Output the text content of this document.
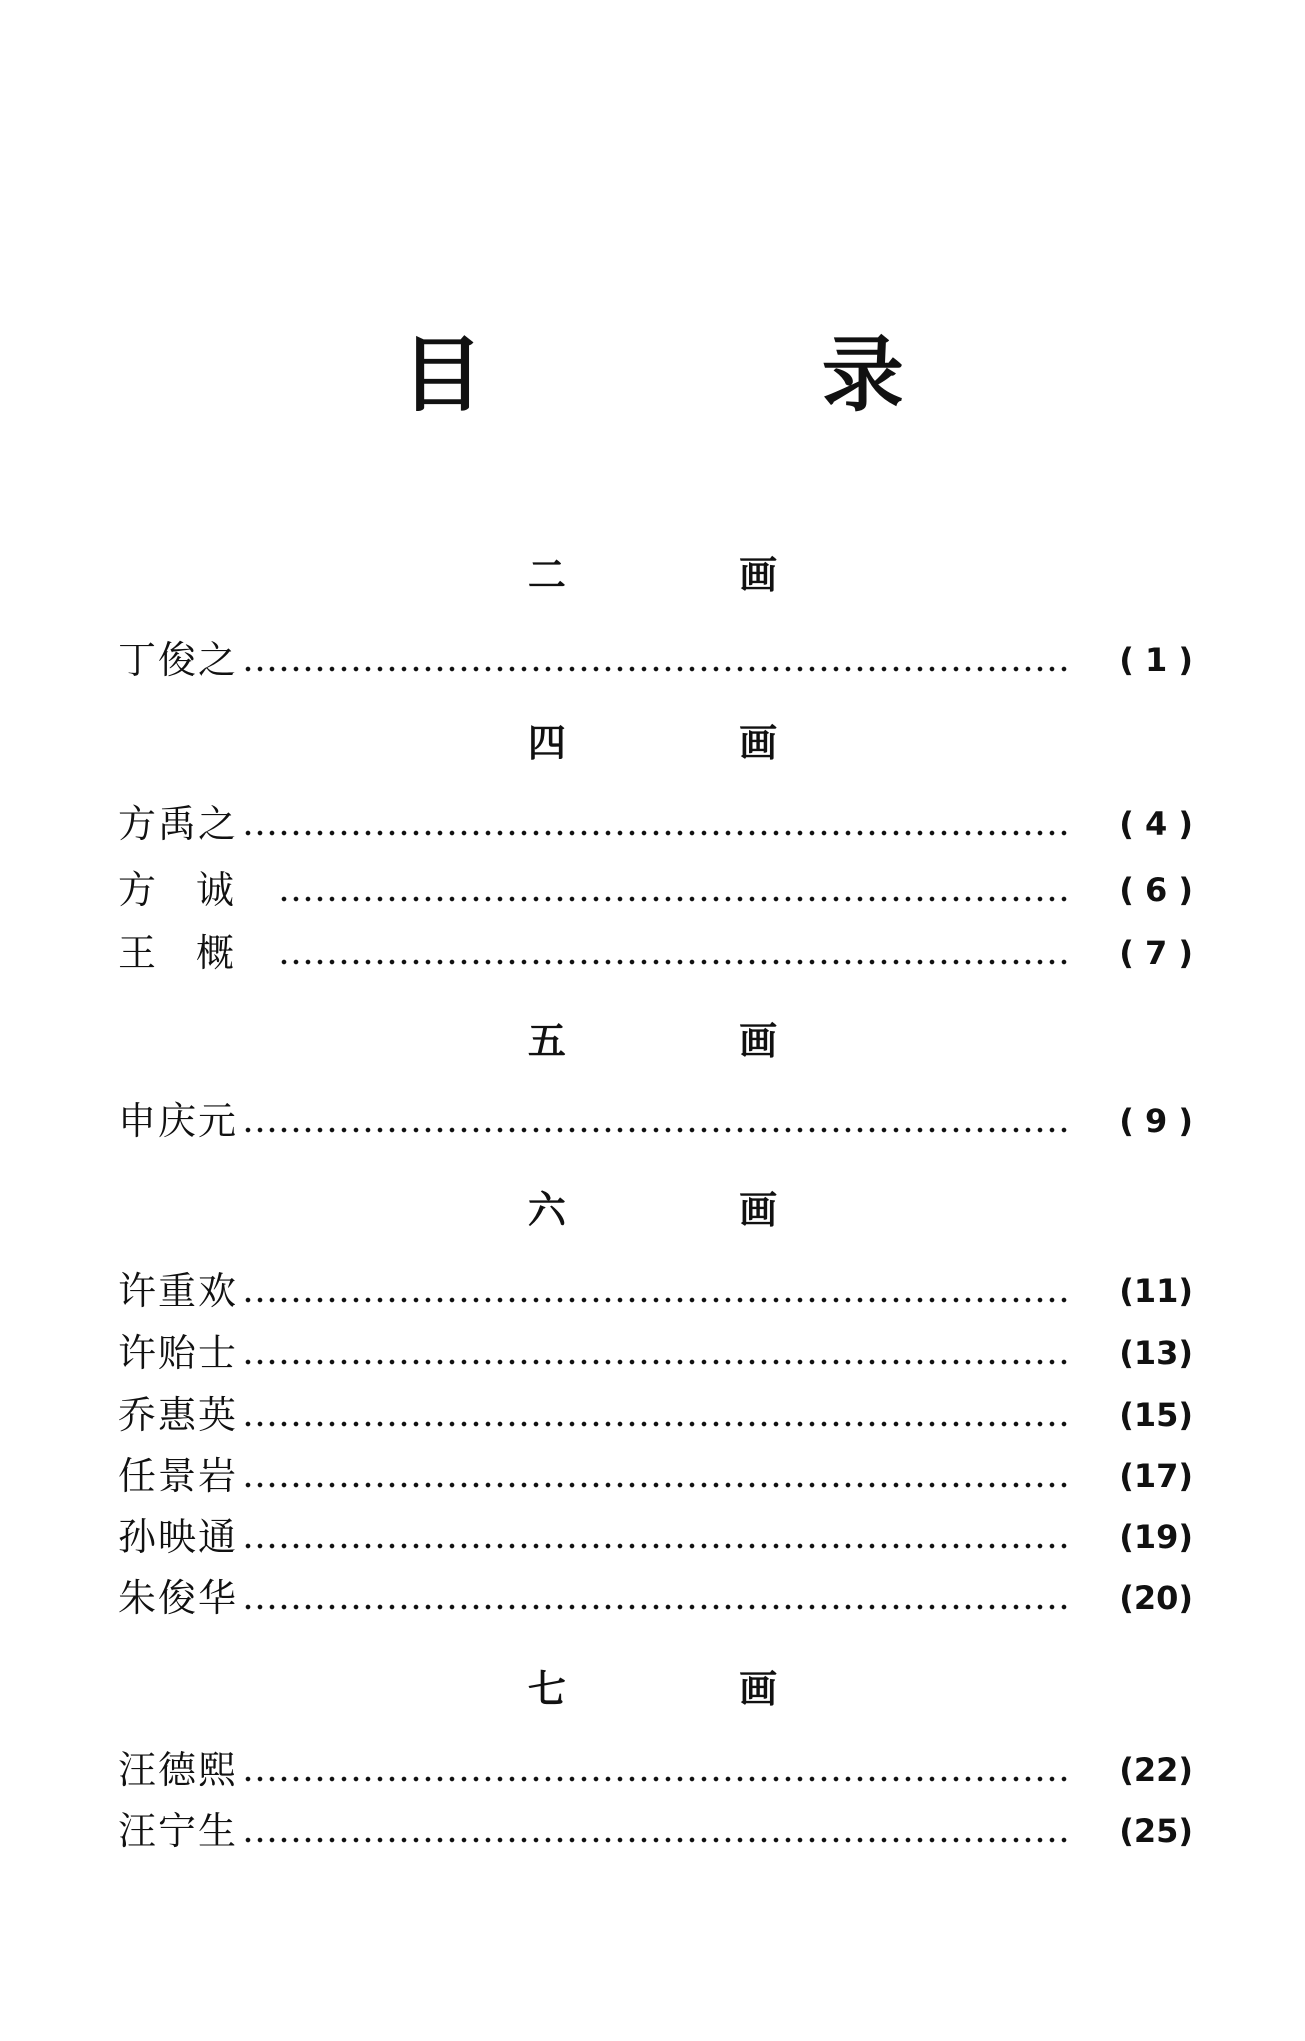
目 录
二 画
丁俊之	( 1 )
四 画
方禹之	( 4 )
方诚	( 6 )
王概	( 7 )
五 画
申庆元	( 9 )
六 画
许重欢	(11)
许贻士	(13)
乔惠英	(15)
任景岩	(17)
孙映通	(19)
朱俊华	(20)
七 画
汪德熙	(22)
汪宁生	(25)
